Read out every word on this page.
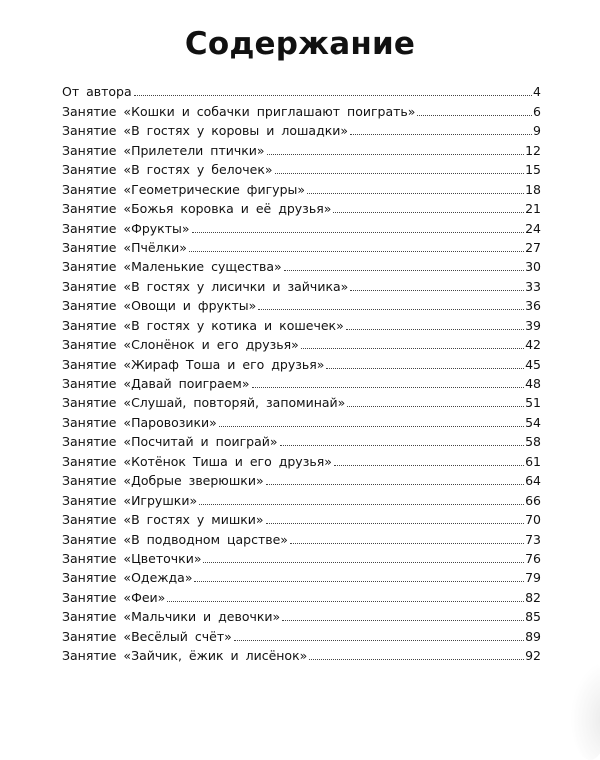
Содержание
От автора	4
Занятие «Кошки и собачки приглашают поиграть»	6
Занятие «В гостях у коровы и лошадки»	9
Занятие «Прилетели птички»	12
Занятие «В гостях у белочек»	15
Занятие «Геометрические фигуры»	18
Занятие «Божья коровка и её друзья»	21
Занятие «Фрукты»	24
Занятие «Пчёлки»	27
Занятие «Маленькие существа»	30
Занятие «В гостях у лисички и зайчика»	33
Занятие «Овощи и фрукты»	36
Занятие «В гостях у котика и кошечек»	39
Занятие «Слонёнок и его друзья»	42
Занятие «Жираф Тоша и его друзья»	45
Занятие «Давай поиграем»	48
Занятие «Слушай, повторяй, запоминай»	51
Занятие «Паровозики»	54
Занятие «Посчитай и поиграй»	58
Занятие «Котёнок Тиша и его друзья»	61
Занятие «Добрые зверюшки»	64
Занятие «Игрушки»	66
Занятие «В гостях у мишки»	70
Занятие «В подводном царстве»	73
Занятие «Цветочки»	76
Занятие «Одежда»	79
Занятие «Феи»	82
Занятие «Мальчики и девочки»	85
Занятие «Весёлый счёт»	89
Занятие «Зайчик, ёжик и лисёнок»	92
